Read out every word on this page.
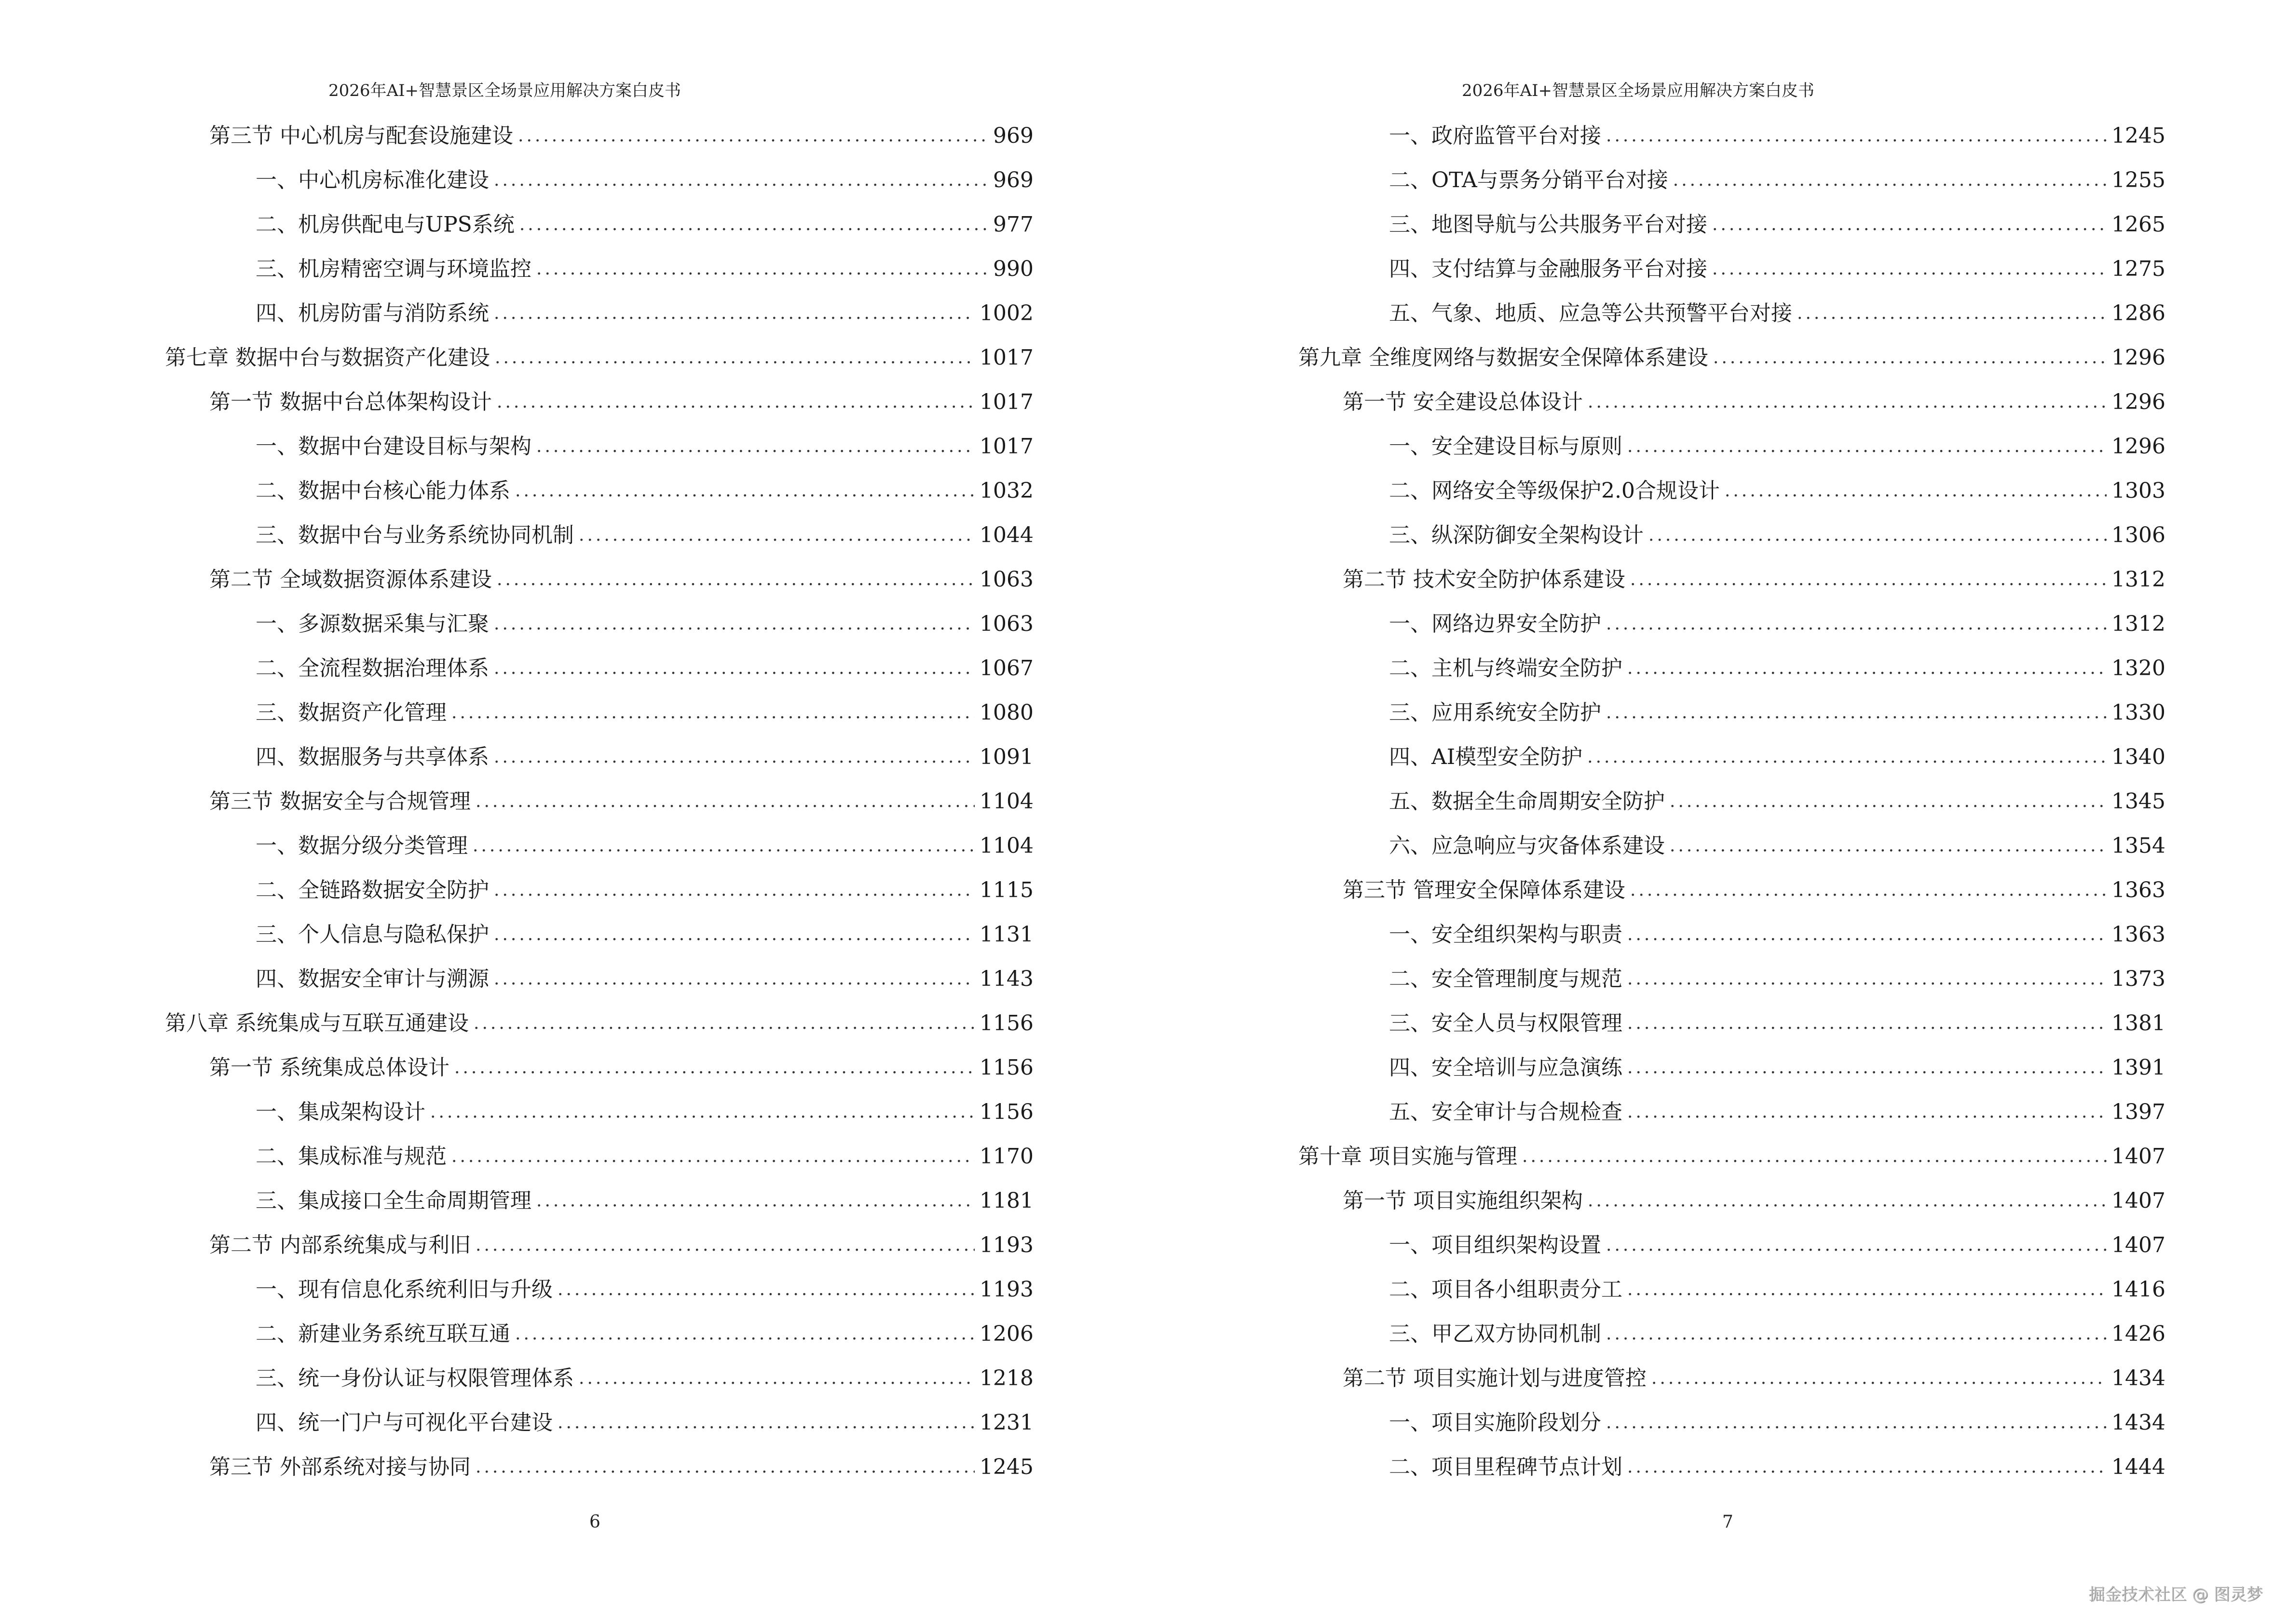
2026年AI+智慧景区全场景应用解决方案白皮书
第三节 中心机房与配套设施建设 .....	969
一、中心机房标准化建设 .....	969
二、机房供配电与UPS系统 .....	977
三、机房精密空调与环境监控 .....	990
四、机房防雷与消防系统 .....	1002
第七章 数据中台与数据资产化建设 .....	1017
第一节 数据中台总体架构设计 .....	1017
一、数据中台建设目标与架构 .....	1017
二、数据中台核心能力体系 .....	1032
三、数据中台与业务系统协同机制 .....	1044
第二节 全域数据资源体系建设 .....	1063
一、多源数据采集与汇聚 .....	1063
二、全流程数据治理体系 .....	1067
三、数据资产化管理 .....	1080
四、数据服务与共享体系 .....	1091
第三节 数据安全与合规管理 .....	1104
一、数据分级分类管理 .....	1104
二、全链路数据安全防护 .....	1115
三、个人信息与隐私保护 .....	1131
四、数据安全审计与溯源 .....	1143
第八章 系统集成与互联互通建设 .....	1156
第一节 系统集成总体设计 .....	1156
一、集成架构设计 .....	1156
二、集成标准与规范 .....	1170
三、集成接口全生命周期管理 .....	1181
第二节 内部系统集成与利旧 .....	1193
一、现有信息化系统利旧与升级 .....	1193
二、新建业务系统互联互通 .....	1206
三、统一身份认证与权限管理体系 .....	1218
四、统一门户与可视化平台建设 .....	1231
第三节 外部系统对接与协同 .....	1245
6
2026年AI+智慧景区全场景应用解决方案白皮书
一、政府监管平台对接 .....	1245
二、OTA与票务分销平台对接 .....	1255
三、地图导航与公共服务平台对接 .....	1265
四、支付结算与金融服务平台对接 .....	1275
五、气象、地质、应急等公共预警平台对接 .....	1286
第九章 全维度网络与数据安全保障体系建设 .....	1296
第一节 安全建设总体设计 .....	1296
一、安全建设目标与原则 .....	1296
二、网络安全等级保护2.0合规设计 .....	1303
三、纵深防御安全架构设计 .....	1306
第二节 技术安全防护体系建设 .....	1312
一、网络边界安全防护 .....	1312
二、主机与终端安全防护 .....	1320
三、应用系统安全防护 .....	1330
四、AI模型安全防护 .....	1340
五、数据全生命周期安全防护 .....	1345
六、应急响应与灾备体系建设 .....	1354
第三节 管理安全保障体系建设 .....	1363
一、安全组织架构与职责 .....	1363
二、安全管理制度与规范 .....	1373
三、安全人员与权限管理 .....	1381
四、安全培训与应急演练 .....	1391
五、安全审计与合规检查 .....	1397
第十章 项目实施与管理 .....	1407
第一节 项目实施组织架构 .....	1407
一、项目组织架构设置 .....	1407
二、项目各小组职责分工 .....	1416
三、甲乙双方协同机制 .....	1426
第二节 项目实施计划与进度管控 .....	1434
一、项目实施阶段划分 .....	1434
二、项目里程碑节点计划 .....	1444
7
掘金技术社区 @ 图灵梦
